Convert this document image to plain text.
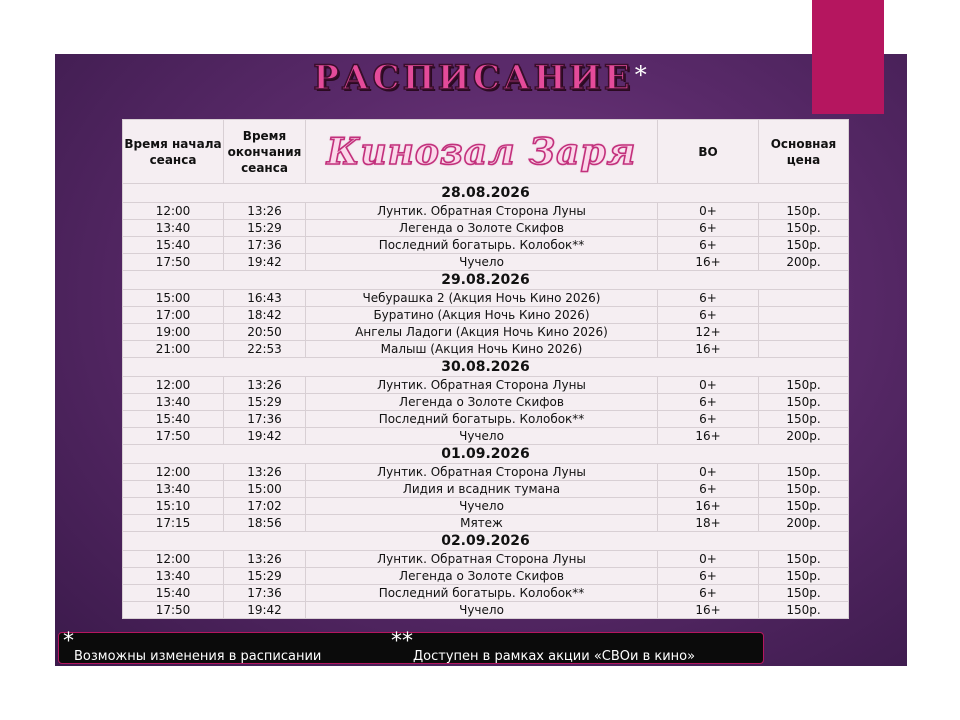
РАСПИСАНИЕ*
Время начала сеанса	Время окончания сеанса	Кинозал Заря	ВО	Основная цена
28.08.2026				
12:00	13:26	Лунтик. Обратная Сторона Луны	0+	150р.
13:40	15:29	Легенда о Золоте Скифов	6+	150р.
15:40	17:36	Последний богатырь. Колобок**	6+	150р.
17:50	19:42	Чучело	16+	200р.
29.08.2026				
15:00	16:43	Чебурашка 2 (Акция Ночь Кино 2026)	6+	
17:00	18:42	Буратино (Акция Ночь Кино 2026)	6+	
19:00	20:50	Ангелы Ладоги (Акция Ночь Кино 2026)	12+	
21:00	22:53	Малыш (Акция Ночь Кино 2026)	16+	
30.08.2026				
12:00	13:26	Лунтик. Обратная Сторона Луны	0+	150р.
13:40	15:29	Легенда о Золоте Скифов	6+	150р.
15:40	17:36	Последний богатырь. Колобок**	6+	150р.
17:50	19:42	Чучело	16+	200р.
01.09.2026				
12:00	13:26	Лунтик. Обратная Сторона Луны	0+	150р.
13:40	15:00	Лидия и всадник тумана	6+	150р.
15:10	17:02	Чучело	16+	150р.
17:15	18:56	Мятеж	18+	200р.
02.09.2026				
12:00	13:26	Лунтик. Обратная Сторона Луны	0+	150р.
13:40	15:29	Легенда о Золоте Скифов	6+	150р.
15:40	17:36	Последний богатырь. Колобок**	6+	150р.
17:50	19:42	Чучело	16+	150р.
*Возможны изменения в расписании
**Доступен в рамках акции «СВОи в кино»
